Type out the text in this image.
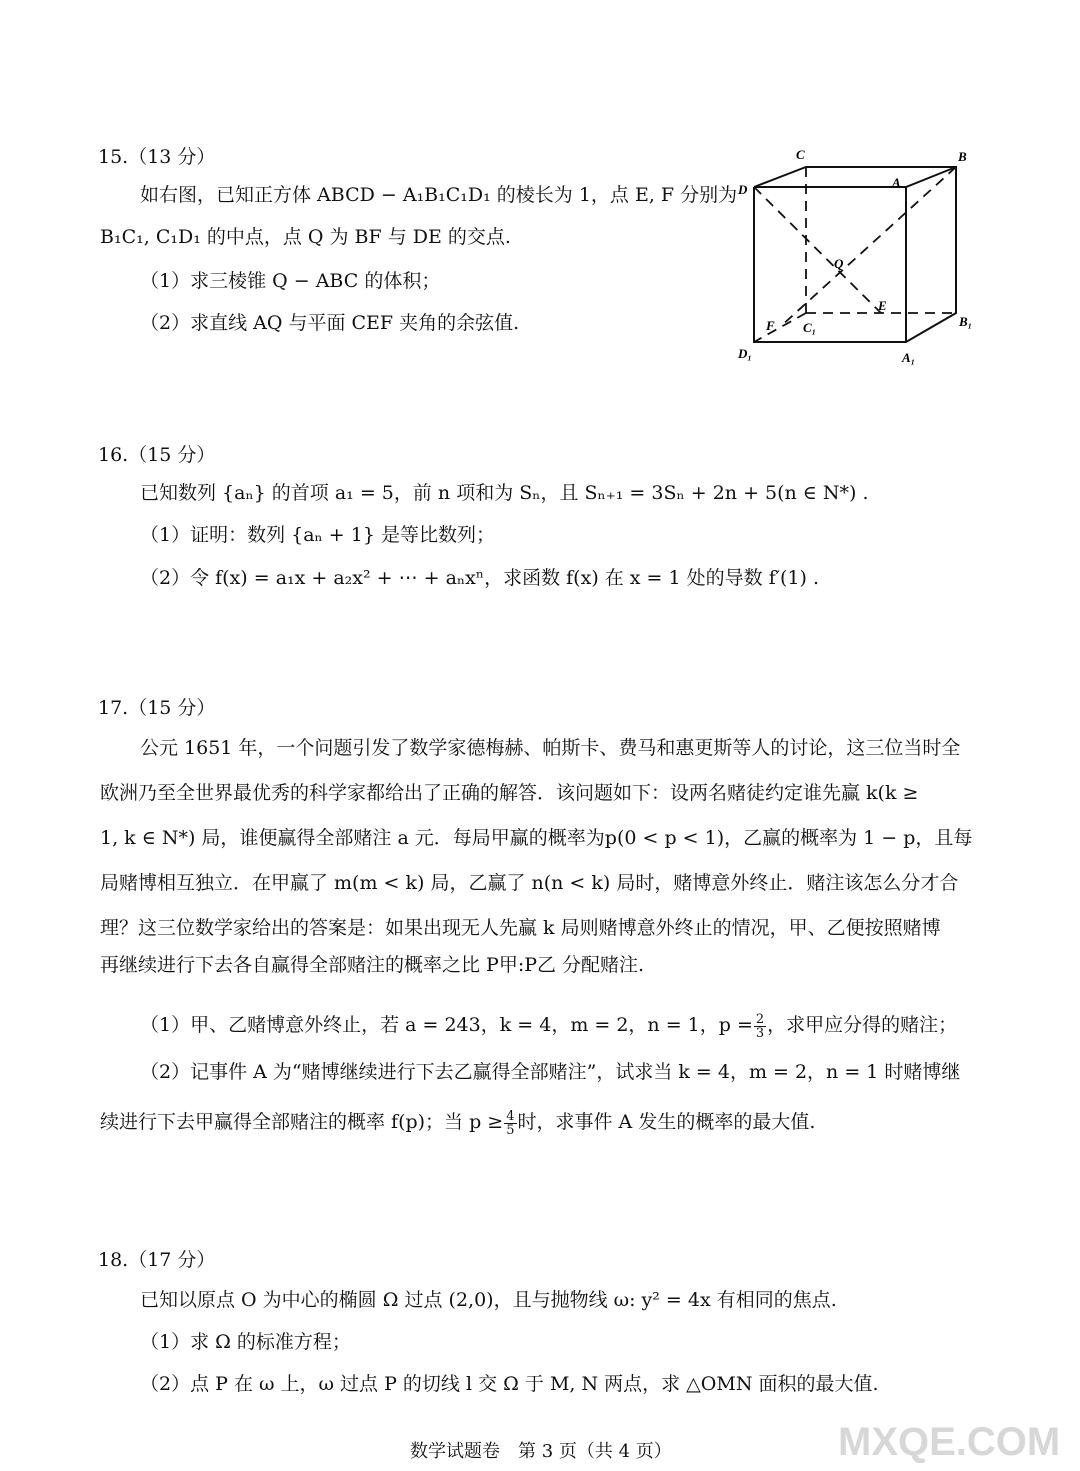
15.（13 分）
如右图，已知正方体 ABCD − A₁B₁C₁D₁ 的棱长为 1，点 E, F 分别为
B₁C₁, C₁D₁ 的中点，点 Q 为 BF 与 DE 的交点.
（1）求三棱锥 Q − ABC 的体积；
（2）求直线 AQ 与平面 CEF 夹角的余弦值.
C	B
D	A
Q
E
F C₁	B₁
D₁	A₁
16.（15 分）
已知数列 {aₙ} 的首项 a₁ = 5，前 n 项和为 Sₙ，且 Sₙ₊₁ = 3Sₙ + 2n + 5(n ∈ N*) .
（1）证明：数列 {aₙ + 1} 是等比数列；
（2）令 f(x) = a₁x + a₂x² + ⋯ + aₙxⁿ，求函数 f(x) 在 x = 1 处的导数 f′(1) .
17.（15 分）
公元 1651 年，一个问题引发了数学家德梅赫、帕斯卡、费马和惠更斯等人的讨论，这三位当时全
欧洲乃至全世界最优秀的科学家都给出了正确的解答．该问题如下：设两名赌徒约定谁先赢 k(k ≥
1, k ∈ N*) 局，谁便赢得全部赌注 a 元．每局甲赢的概率为p(0 < p < 1)，乙赢的概率为 1 − p，且每
局赌博相互独立．在甲赢了 m(m < k) 局，乙赢了 n(n < k) 局时，赌博意外终止．赌注该怎么分才合
理？这三位数学家给出的答案是：如果出现无人先赢 k 局则赌博意外终止的情况，甲、乙便按照赌博
再继续进行下去各自赢得全部赌注的概率之比 P甲:P乙 分配赌注.
（1）甲、乙赌博意外终止，若 a = 243，k = 4，m = 2，n = 1，$p = \frac{2}{3}$ ，求甲应分得的赌注；
（2）记事件 A 为“赌博继续进行下去乙赢得全部赌注”，试求当 k = 4，m = 2，n = 1 时赌博继
续进行下去甲赢得全部赌注的概率 f(p)；当 $p \ge \frac{4}{5}$ 时，求事件 A 发生的概率的最大值.
18.（17 分）
已知以原点 O 为中心的椭圆 Ω 过点 (2,0)，且与抛物线 ω: y² = 4x 有相同的焦点.
（1）求 Ω 的标准方程；
（2）点 P 在 ω 上，ω 过点 P 的切线 l 交 Ω 于 M, N 两点，求 △OMN 面积的最大值.
数学试题卷　第 3 页（共 4 页）	MXQE.COM
